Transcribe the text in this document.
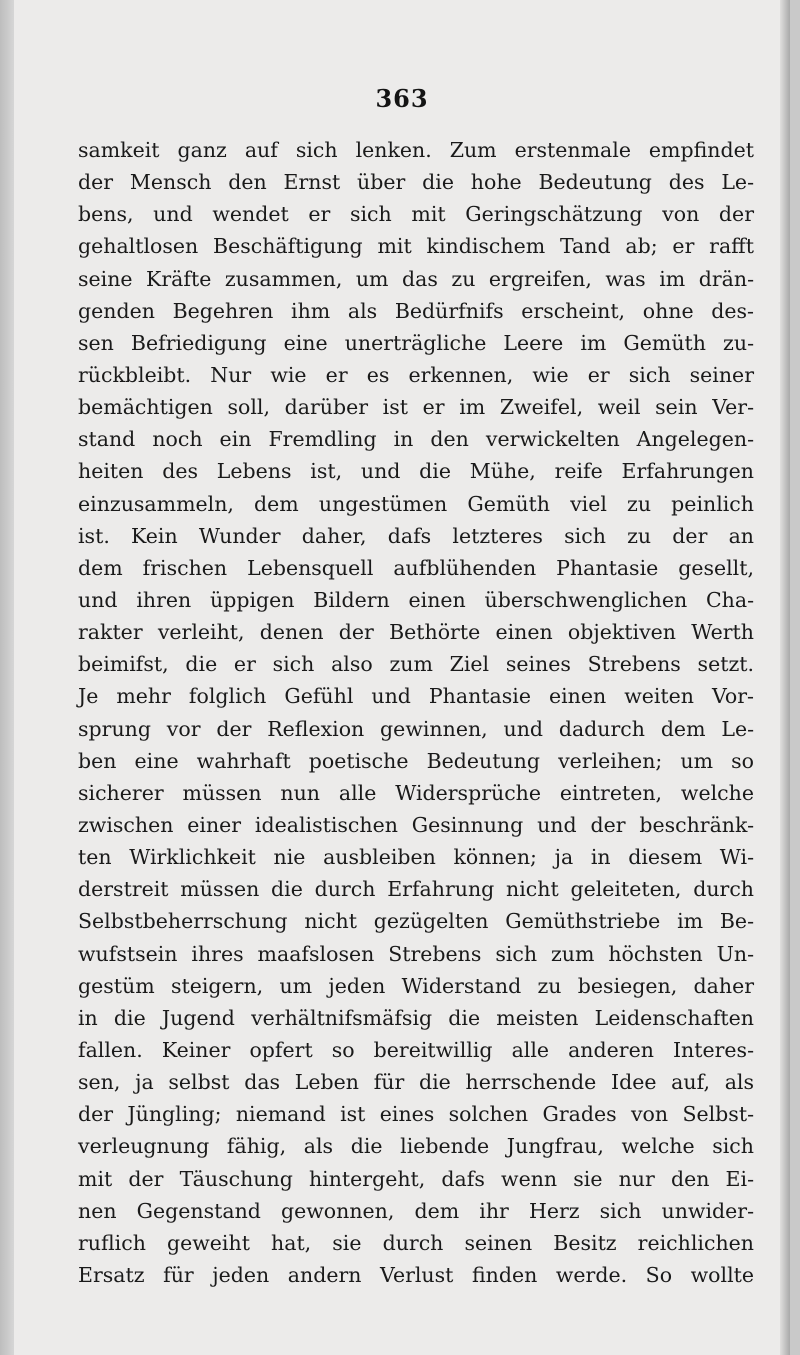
363
samkeit ganz auf sich lenken. Zum erstenmale empfindet
der Mensch den Ernst über die hohe Bedeutung des Le-
bens, und wendet er sich mit Geringschätzung von der
gehaltlosen Beschäftigung mit kindischem Tand ab; er rafft
seine Kräfte zusammen, um das zu ergreifen, was im drän-
genden Begehren ihm als Bedürfnifs erscheint, ohne des-
sen Befriedigung eine unerträgliche Leere im Gemüth zu-
rückbleibt. Nur wie er es erkennen, wie er sich seiner
bemächtigen soll, darüber ist er im Zweifel, weil sein Ver-
stand noch ein Fremdling in den verwickelten Angelegen-
heiten des Lebens ist, und die Mühe, reife Erfahrungen
einzusammeln, dem ungestümen Gemüth viel zu peinlich
ist. Kein Wunder daher, dafs letzteres sich zu der an
dem frischen Lebensquell aufblühenden Phantasie gesellt,
und ihren üppigen Bildern einen überschwenglichen Cha-
rakter verleiht, denen der Bethörte einen objektiven Werth
beimifst, die er sich also zum Ziel seines Strebens setzt.
Je mehr folglich Gefühl und Phantasie einen weiten Vor-
sprung vor der Reflexion gewinnen, und dadurch dem Le-
ben eine wahrhaft poetische Bedeutung verleihen; um so
sicherer müssen nun alle Widersprüche eintreten, welche
zwischen einer idealistischen Gesinnung und der beschränk-
ten Wirklichkeit nie ausbleiben können; ja in diesem Wi-
derstreit müssen die durch Erfahrung nicht geleiteten, durch
Selbstbeherrschung nicht gezügelten Gemüthstriebe im Be-
wufstsein ihres maafslosen Strebens sich zum höchsten Un-
gestüm steigern, um jeden Widerstand zu besiegen, daher
in die Jugend verhältnifsmäfsig die meisten Leidenschaften
fallen. Keiner opfert so bereitwillig alle anderen Interes-
sen, ja selbst das Leben für die herrschende Idee auf, als
der Jüngling; niemand ist eines solchen Grades von Selbst-
verleugnung fähig, als die liebende Jungfrau, welche sich
mit der Täuschung hintergeht, dafs wenn sie nur den Ei-
nen Gegenstand gewonnen, dem ihr Herz sich unwider-
ruflich geweiht hat, sie durch seinen Besitz reichlichen
Ersatz für jeden andern Verlust finden werde. So wollte
